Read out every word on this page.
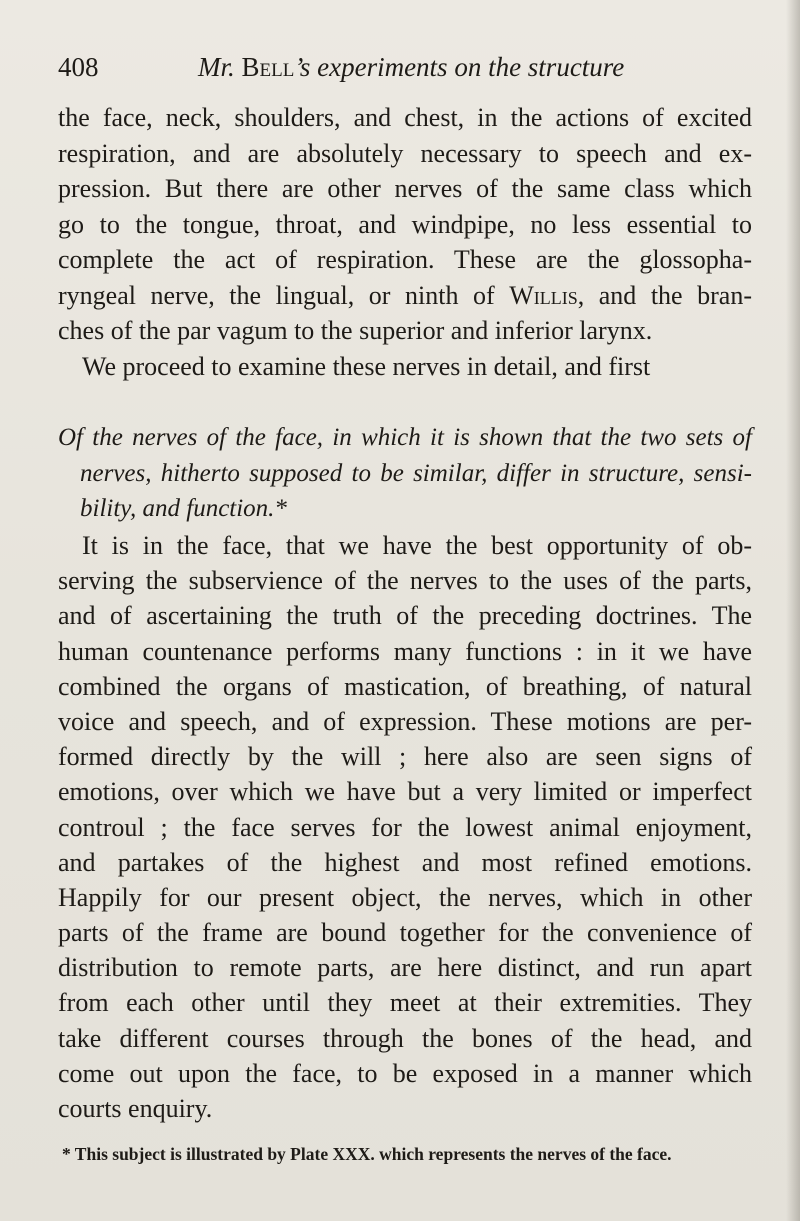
408	Mr. Bell’s experiments on the structure
the face, neck, shoulders, and chest, in the actions of excited
respiration, and are absolutely necessary to speech and ex-
pression. But there are other nerves of the same class which
go to the tongue, throat, and windpipe, no less essential to
complete the act of respiration. These are the glossopha-
ryngeal nerve, the lingual, or ninth of Willis, and the bran-
ches of the par vagum to the superior and inferior larynx.
We proceed to examine these nerves in detail, and first
Of the nerves of the face, in which it is shown that the two sets of
nerves, hitherto supposed to be similar, differ in structure, sensi-
bility, and function.*
It is in the face, that we have the best opportunity of ob-
serving the subservience of the nerves to the uses of the parts,
and of ascertaining the truth of the preceding doctrines. The
human countenance performs many functions : in it we have
combined the organs of mastication, of breathing, of natural
voice and speech, and of expression. These motions are per-
formed directly by the will ; here also are seen signs of
emotions, over which we have but a very limited or imperfect
controul ; the face serves for the lowest animal enjoyment,
and partakes of the highest and most refined emotions.
Happily for our present object, the nerves, which in other
parts of the frame are bound together for the convenience of
distribution to remote parts, are here distinct, and run apart
from each other until they meet at their extremities. They
take different courses through the bones of the head, and
come out upon the face, to be exposed in a manner which
courts enquiry.
* This subject is illustrated by Plate XXX. which represents the nerves of the face.
